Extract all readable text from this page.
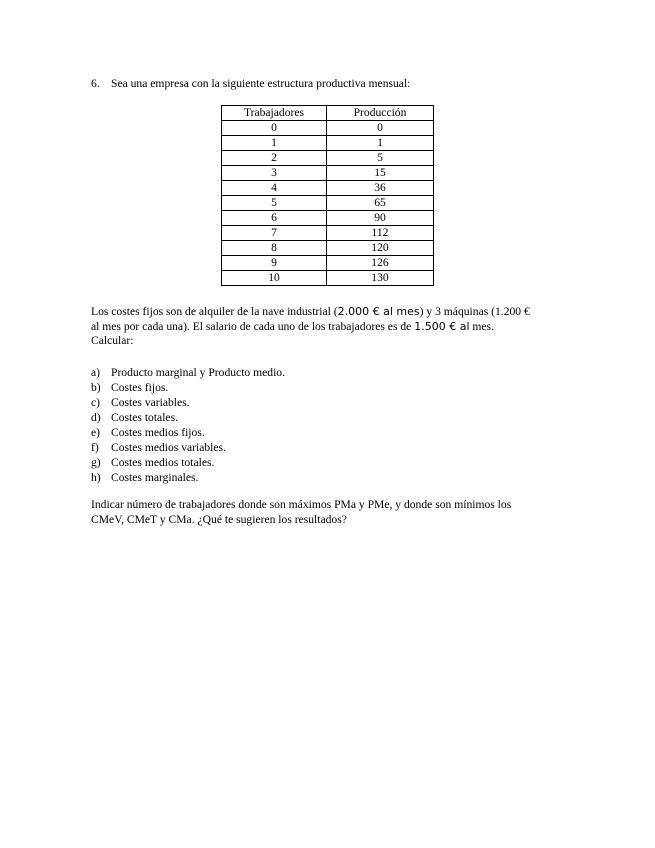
6. Sea una empresa con la siguiente estructura productiva mensual:
Trabajadores	Producción
0	0
1	1
2	5
3	15
4	36
5	65
6	90
7	112
8	120
9	126
10	130
Los costes fijos son de alquiler de la nave industrial (2.000 € al mes) y 3 máquinas (1.200 €
al mes por cada una). El salario de cada uno de los trabajadores es de 1.500 € al mes.
Calcular:
a) Producto marginal y Producto medio.
b) Costes fijos.
c) Costes variables.
d) Costes totales.
e) Costes medios fijos.
f) Costes medios variables.
g) Costes medios totales.
h) Costes marginales.
Indicar número de trabajadores donde son máximos PMa y PMe, y donde son mínimos los
CMeV, CMeT y CMa. ¿Qué te sugieren los resultados?
